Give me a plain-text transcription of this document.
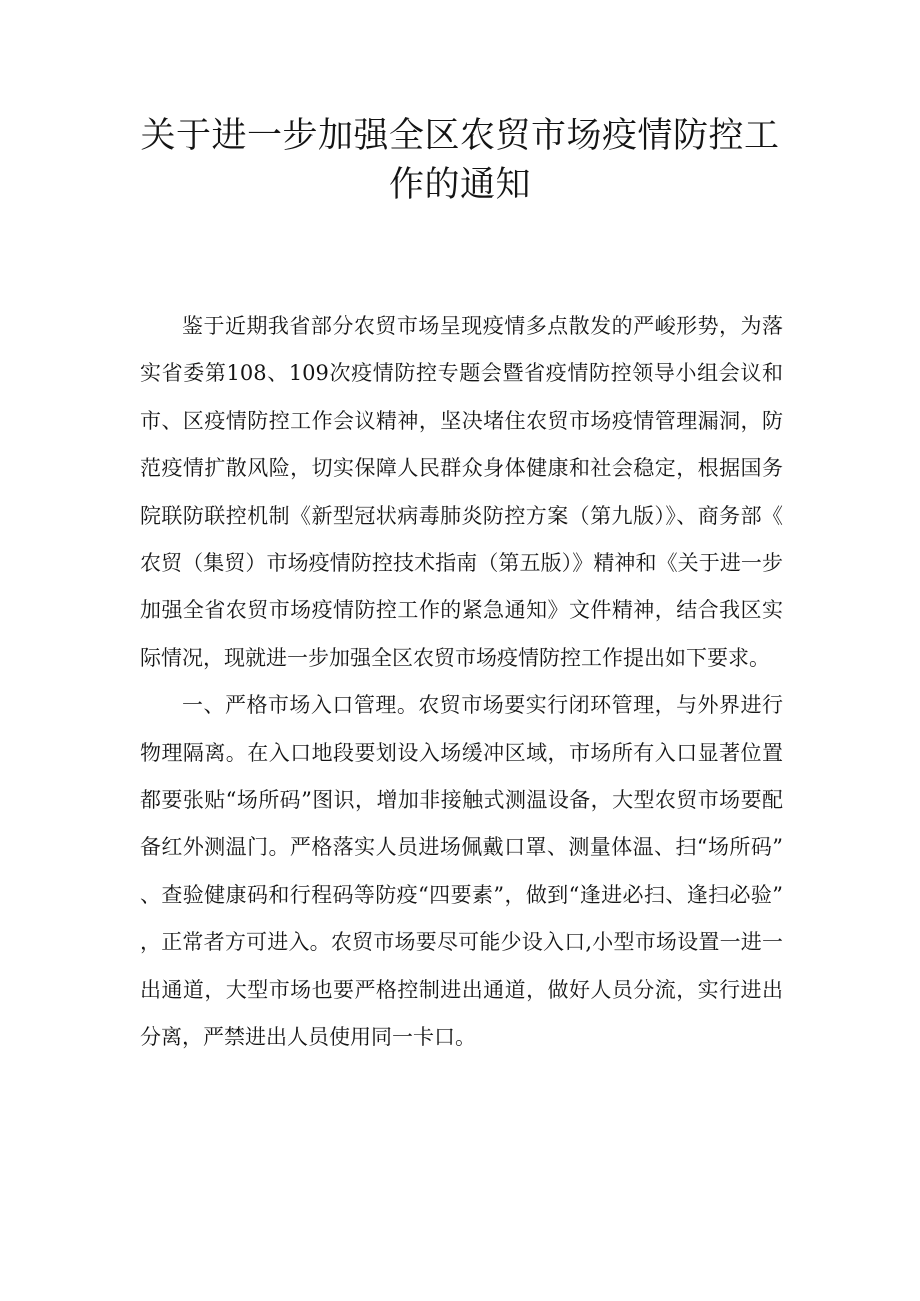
关于进一步加强全区农贸市场疫情防控工
作的通知

鉴于近期我省部分农贸市场呈现疫情多点散发的严峻形势，为落实省委第108、109次疫情防控专题会暨省疫情防控领导小组会议和市、区疫情防控工作会议精神，坚决堵住农贸市场疫情管理漏洞，防范疫情扩散风险，切实保障人民群众身体健康和社会稳定，根据国务院联防联控机制《新型冠状病毒肺炎防控方案（第九版）》、商务部《农贸（集贸）市场疫情防控技术指南（第五版）》精神和《关于进一步加强全省农贸市场疫情防控工作的紧急通知》文件精神，结合我区实际情况，现就进一步加强全区农贸市场疫情防控工作提出如下要求。

一、严格市场入口管理。农贸市场要实行闭环管理，与外界进行物理隔离。在入口地段要划设入场缓冲区域，市场所有入口显著位置都要张贴“场所码”图识，增加非接触式测温设备，大型农贸市场要配备红外测温门。严格落实人员进场佩戴口罩、测量体温、扫“场所码”、查验健康码和行程码等防疫“四要素”，做到“逢进必扫、逢扫必验”，正常者方可进入。农贸市场要尽可能少设入口,小型市场设置一进一出通道，大型市场也要严格控制进出通道，做好人员分流，实行进出分离，严禁进出人员使用同一卡口。
